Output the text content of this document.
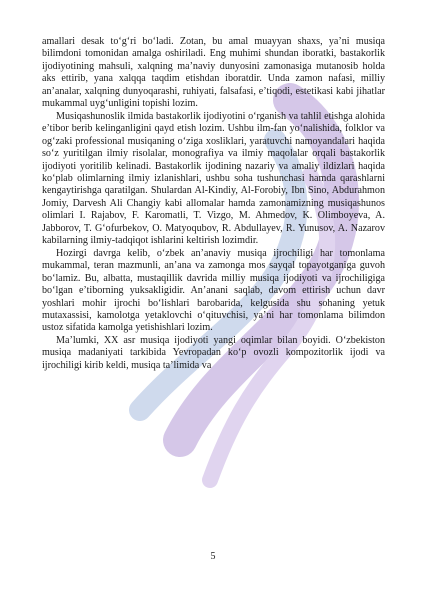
amallari desak to‘g‘ri bo‘ladi. Zotan, bu amal muayyan shaxs, ya’ni musiqa bilimdoni tomonidan amalga oshiriladi. Eng muhimi shundan iboratki, bastakorlik ijodiyotining mahsuli, xalqning ma’naviy dunyosini zamonasiga mutanosib holda aks ettirib, yana xalqqa taqdim etishdan iboratdir. Unda zamon nafasi, milliy an’analar, xalqning dunyoqarashi, ruhiyati, falsafasi, e’tiqodi, estetikasi kabi jihatlar mukammal uyg‘unligini topishi lozim.

Musiqashunoslik ilmida bastakorlik ijodiyotini o‘rganish va tahlil etishga alohida e’tibor berib kelinganligini qayd etish lozim. Ushbu ilm-fan yo‘nalishida, folklor va og‘zaki professional musiqaning o‘ziga xosliklari, yaratuvchi namoyandalari haqida so‘z yuritilgan ilmiy risolalar, monografiya va ilmiy maqolalar orqali bastakorlik ijodiyoti yoritilib kelinadi. Bastakorlik ijodining nazariy va amaliy ildizlari haqida ko‘plab olimlarning ilmiy izlanishlari, ushbu soha tushunchasi hamda qarashlarni kengaytirishga qaratilgan. Shulardan Al-Kindiy, Al-Forobiy, Ibn Sino, Abdurahmon Jomiy, Darvesh Ali Changiy kabi allomalar hamda zamonamizning musiqashunos olimlari I. Rajabov, F. Karomatli, T. Vizgo, M. Ahmedov, K. Olimboyeva, A. Jabborov, T. G‘ofurbekov, O. Matyoqubov, R. Abdullayev, R. Yunusov, A. Nazarov kabilarning ilmiy-tadqiqot ishlarini keltirish lozimdir.

Hozirgi davrga kelib, o‘zbek an’anaviy musiqa ijrochiligi har tomonlama mukammal, teran mazmunli, an’ana va zamonga mos sayqal topayotganiga guvoh bo‘lamiz. Bu, albatta, mustaqillik davrida milliy musiqa ijodiyoti va ijrochiligiga bo‘lgan e’tiborning yuksakligidir. An’anani saqlab, davom ettirish uchun davr yoshlari mohir ijrochi bo‘lishlari barobarida, kelgusida shu sohaning yetuk mutaxassisi, kamolotga yetaklovchi o‘qituvchisi, ya’ni har tomonlama bilimdon ustoz sifatida kamolga yetishishlari lozim.

Ma’lumki, XX asr musiqa ijodiyoti yangi oqimlar bilan boyidi. O‘zbekiston musiqa madaniyati tarkibida Yevropadan ko‘p ovozli kompozitorlik ijodi va ijrochiligi kirib keldi, musiqa ta’limida va

5
